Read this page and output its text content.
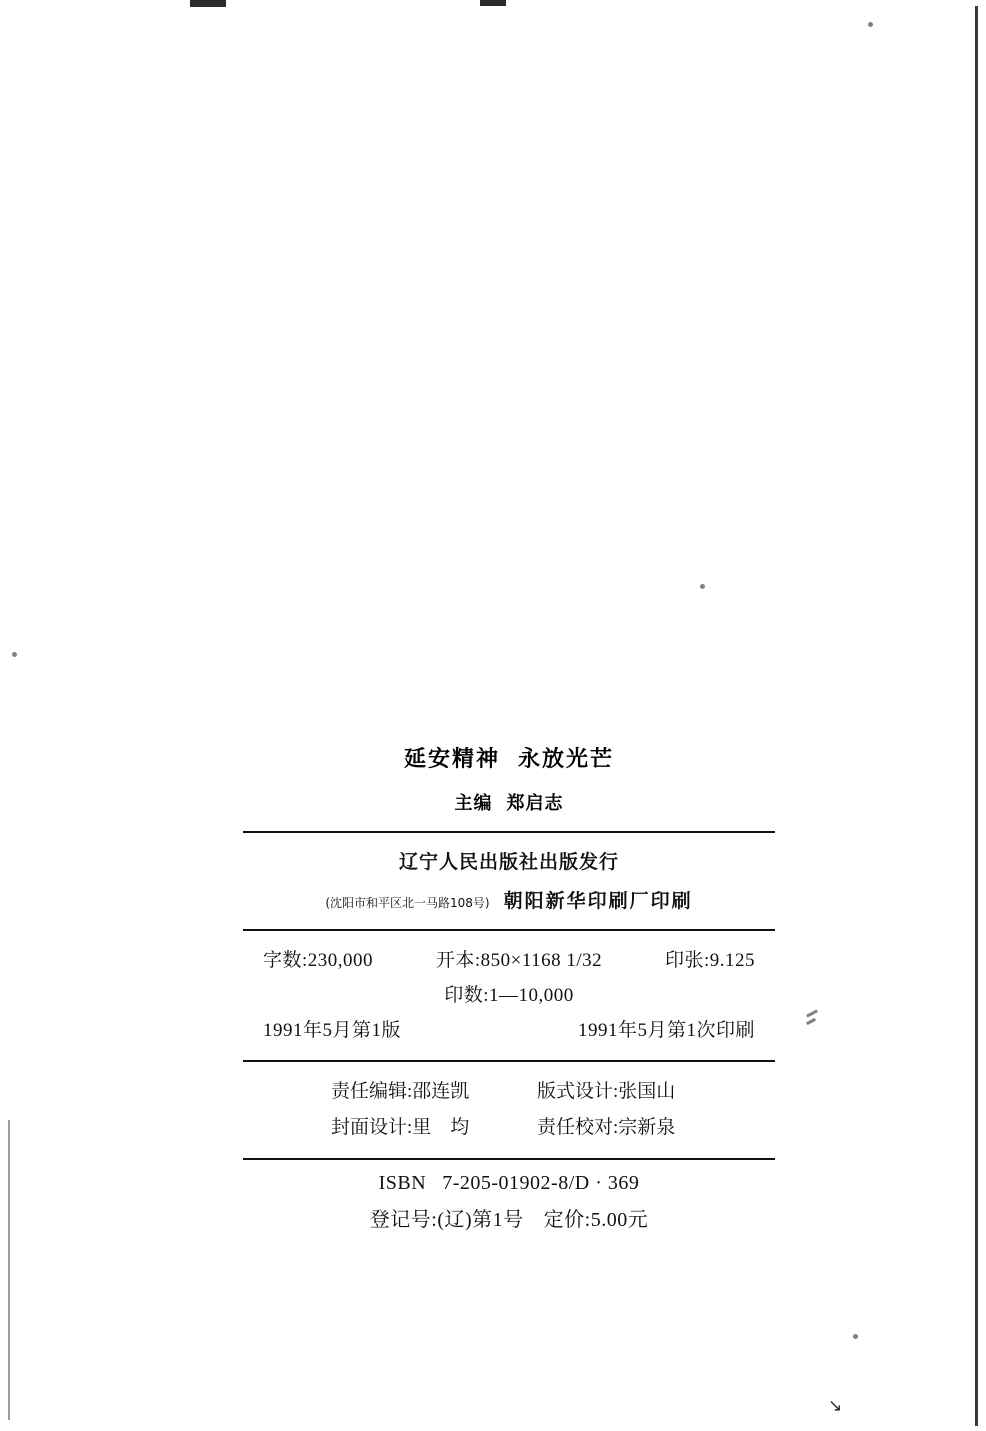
↘
延安精神 永放光芒
主编 郑启志
辽宁人民出版社出版发行
(沈阳市和平区北一马路108号) 朝阳新华印刷厂印刷
字数:230,000	开本:850×1168 1/32	印张:9.125
印数:1—10,000
1991年5月第1版	1991年5月第1次印刷
责任编辑:邵连凯	版式设计:张国山
封面设计:里　均	责任校对:宗新泉
ISBN 7-205-01902-8/D · 369
登记号:(辽)第1号 定价:5.00元
